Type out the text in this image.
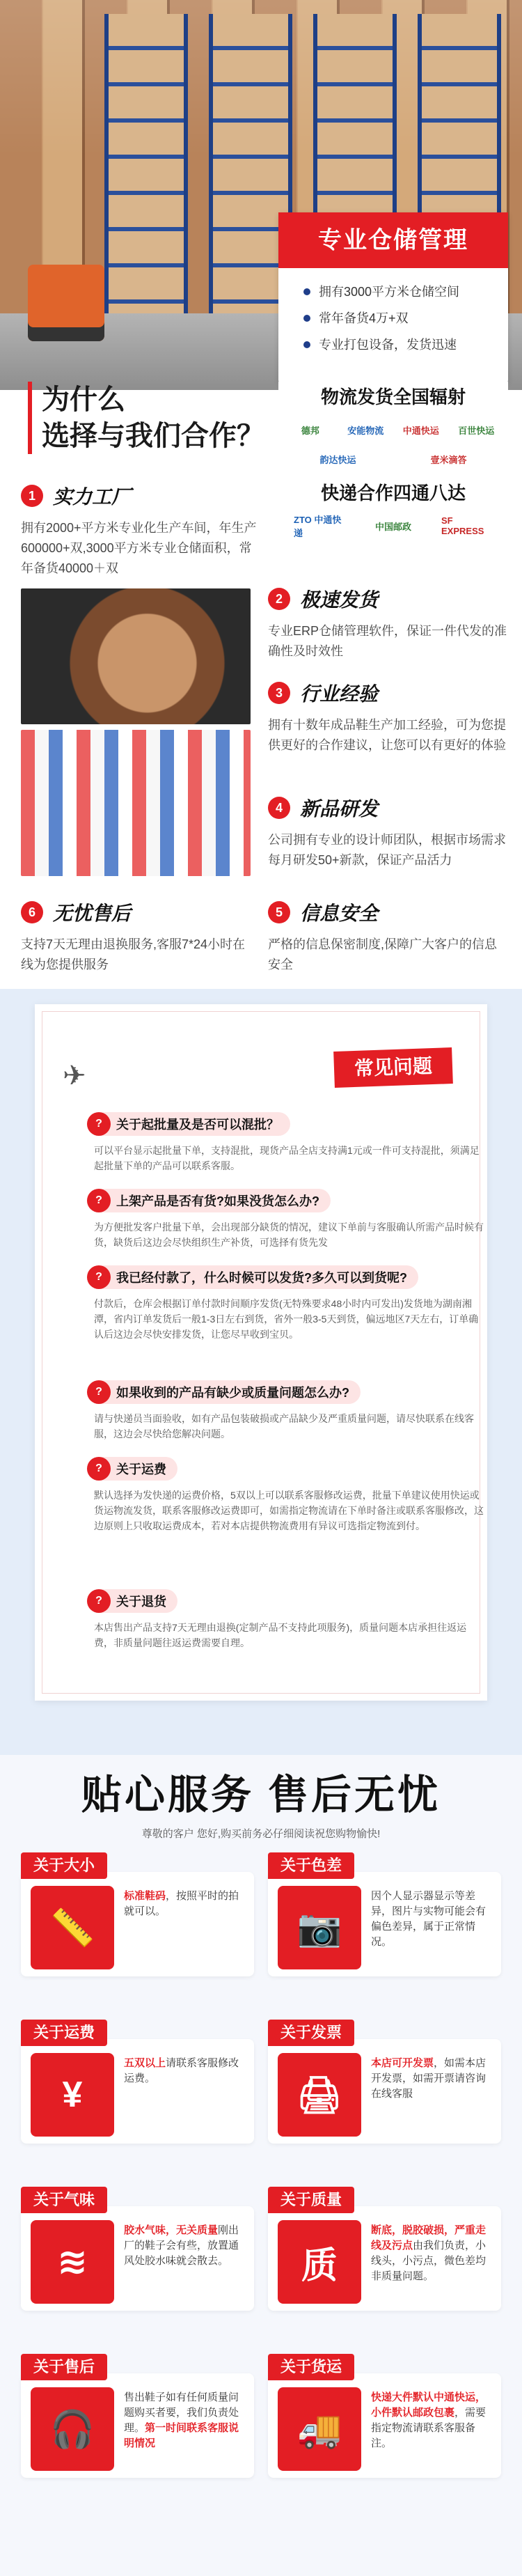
专业仓储管理
拥有3000平方米仓储空间
常年备货4万+双
专业打包设备，发货迅速
为什么
选择与我们合作？
物流发货全国辐射
德邦	安能物流	中通快运	百世快运
韵达快运	壹米滴答
快递合作四通八达
ZTO 中通快递
中国邮政
SF EXPRESS
1 实力工厂
拥有2000+平方米专业化生产车间，年生产600000+双,3000平方米专业仓储面积，常年备货40000＋双
2 极速发货
专业ERP仓储管理软件，保证一件代发的准确性及时效性
3 行业经验
拥有十数年成品鞋生产加工经验，可为您提供更好的合作建议，让您可以有更好的体验
4 新品研发
公司拥有专业的设计师团队，根据市场需求每月研发50+新款，保证产品活力
6 无忧售后
支持7天无理由退换服务,客服7*24小时在线为您提供服务
5 信息安全
严格的信息保密制度,保障广大客户的信息安全
✈	常见问题
?	关于起批量及是否可以混批？
可以平台显示起批量下单，支持混批，现货产品全店支持满1元或一件可支持混批，须满足起批量下单的产品可以联系客服。
?	上架产品是否有货?如果没货怎么办?
为方便批发客户批量下单，会出现部分缺货的情况，建议下单前与客服确认所需产品时候有货，缺货后这边会尽快组织生产补货，可选择有货先发
?	我已经付款了，什么时候可以发货?多久可以到货呢?
付款后，仓库会根据订单付款时间顺序发货(无特殊要求48小时内可发出)发货地为湖南湘潭，省内订单发货后一般1-3日左右到货，省外一般3-5天到货，偏远地区7天左右，订单确认后这边会尽快安排发货，让您尽早收到宝贝。
?	如果收到的产品有缺少或质量问题怎么办?
请与快递员当面验收，如有产品包装破损或产品缺少及严重质量问题，请尽快联系在线客服，这边会尽快给您解决问题。
?	关于运费
默认选择为发快递的运费价格，5双以上可以联系客服修改运费，批量下单建议使用快运或货运物流发货，联系客服修改运费即可，如需指定物流请在下单时备注或联系客服修改，这边原则上只收取运费成本，若对本店提供物流费用有异议可选指定物流到付。
?	关于退货
本店售出产品支持7天无理由退换(定制产品不支持此项服务)，质量问题本店承担往返运费，非质量问题往返运费需要自理。
贴心服务 售后无忧
尊敬的客户 您好,购买前务必仔细阅读祝您购物愉快!
关于大小
📏
标准鞋码，按照平时的拍就可以。
关于色差
📷
因个人显示器显示等差异，图片与实物可能会有偏色差异，属于正常情况。
关于运费
¥
五双以上请联系客服修改运费。
关于发票
🖨
本店可开发票，如需本店开发票，如需开票请咨询在线客服
关于气味
≋
胶水气味，无关质量刚出厂的鞋子会有些，放置通风处胶水味就会散去。
关于质量
质
断底，脱胶破损，严重走线及污点由我们负责，小线头，小污点，微色差均非质量问题。
关于售后
🎧
售出鞋子如有任何质量问题购买者要，我们负责处理。第一时间联系客服说明情况
关于货运
🚚
快递大件默认中通快运，小件默认邮政包裹，需要指定物流请联系客服备注。
